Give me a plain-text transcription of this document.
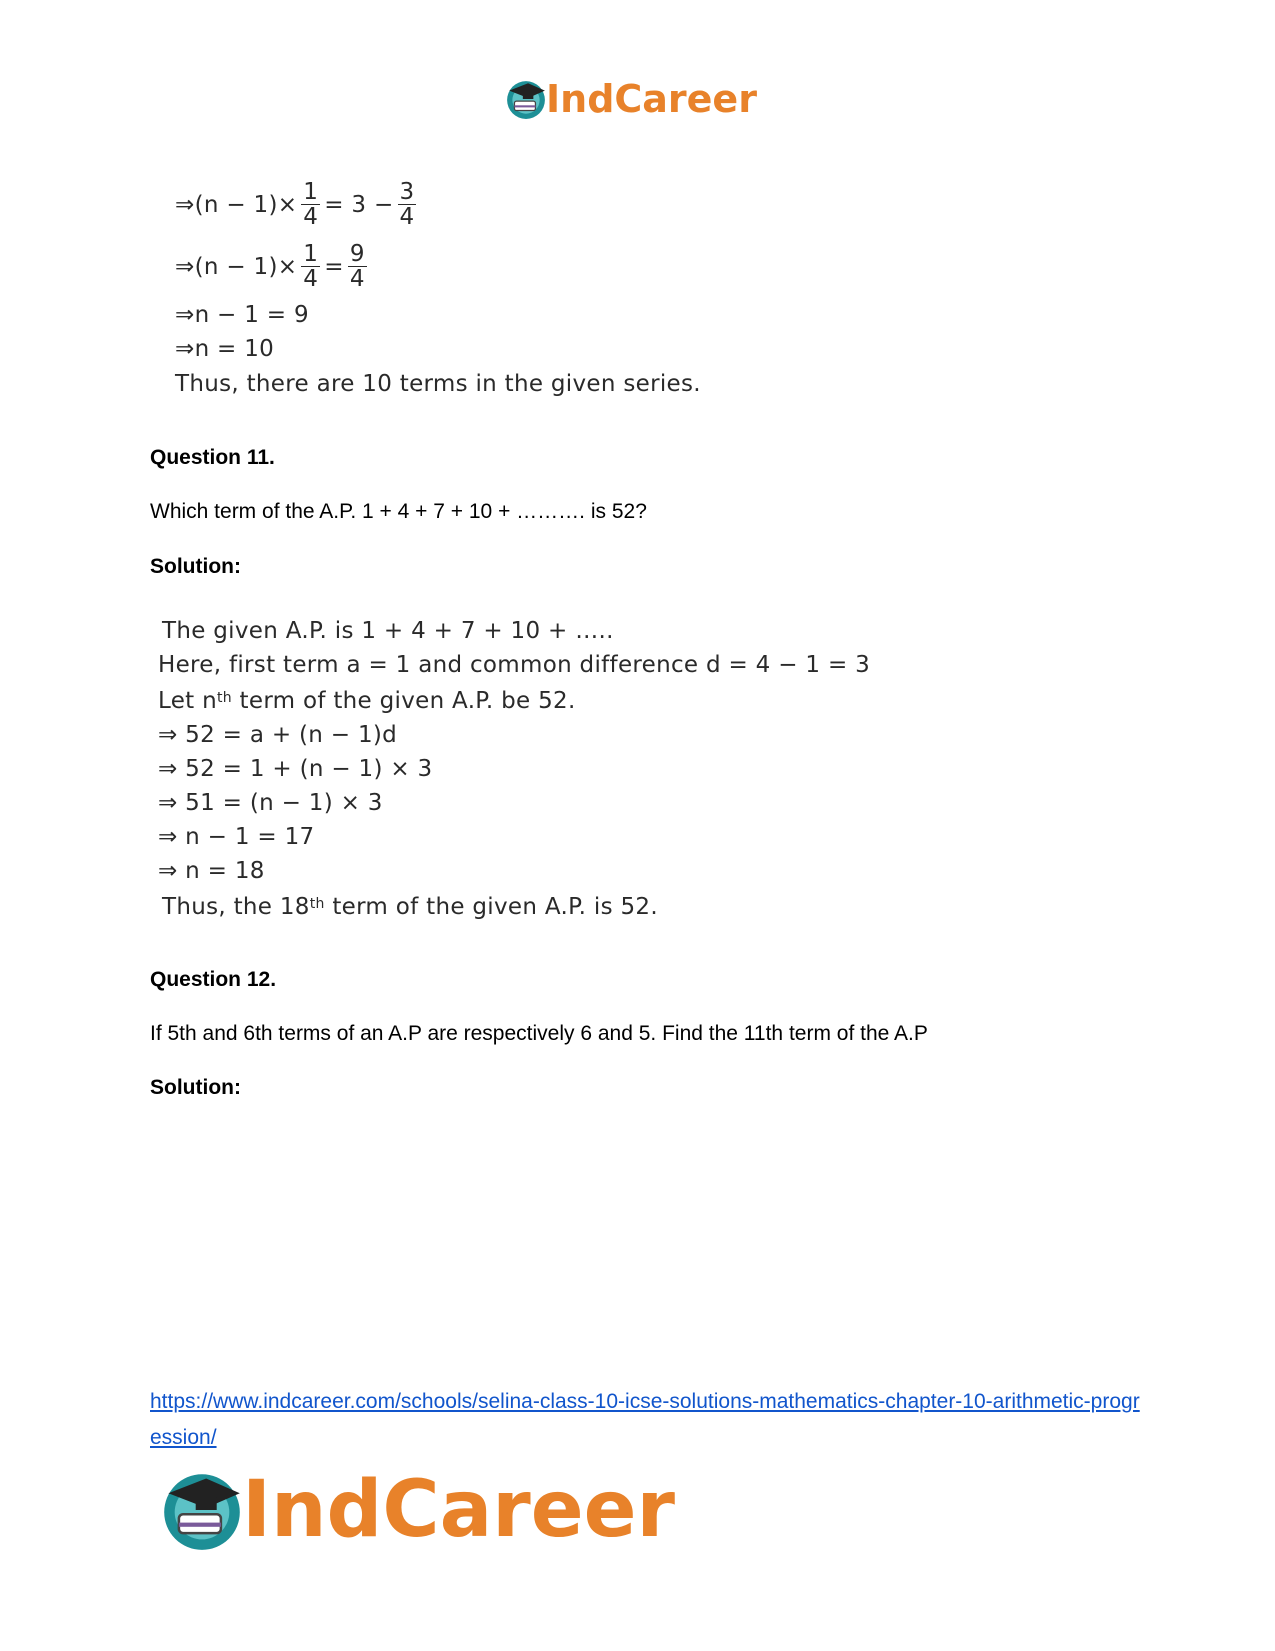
IndCareer
⇒(n − $1)\times \frac{1}{4} = 3 - \frac{3}{4}$
⇒(n − $1)\times \frac{1}{4} = \frac{9}{4}$
⇒n − 1 = 9
⇒n = 10
Thus, there are 10 terms in the given series.
Question 11.
Which term of the A.P. 1 + 4 + 7 + 10 + ………. is 52?
Solution:
The given A.P. is 1 + 4 + 7 + 10 + …..
Here, first term a = 1 and common difference d = 4 − 1 = 3
Let $n^{th}$ term of the given A.P. be 52.
⇒ 52 = a + (n − 1)d
⇒ 52 = 1 + (n − 1) × 3
⇒ 51 = (n − 1) × 3
⇒ n − 1 = 17
⇒ n = 18
Thus, the 18th term of the given A.P. is 52.
Question 12.
If 5th and 6th terms of an A.P are respectively 6 and 5. Find the 11th term of the A.P
Solution:
https://www.indcareer.com/schools/selina-class-10-icse-solutions-mathematics-chapter-10-arithmetic-progression/
IndCareer
